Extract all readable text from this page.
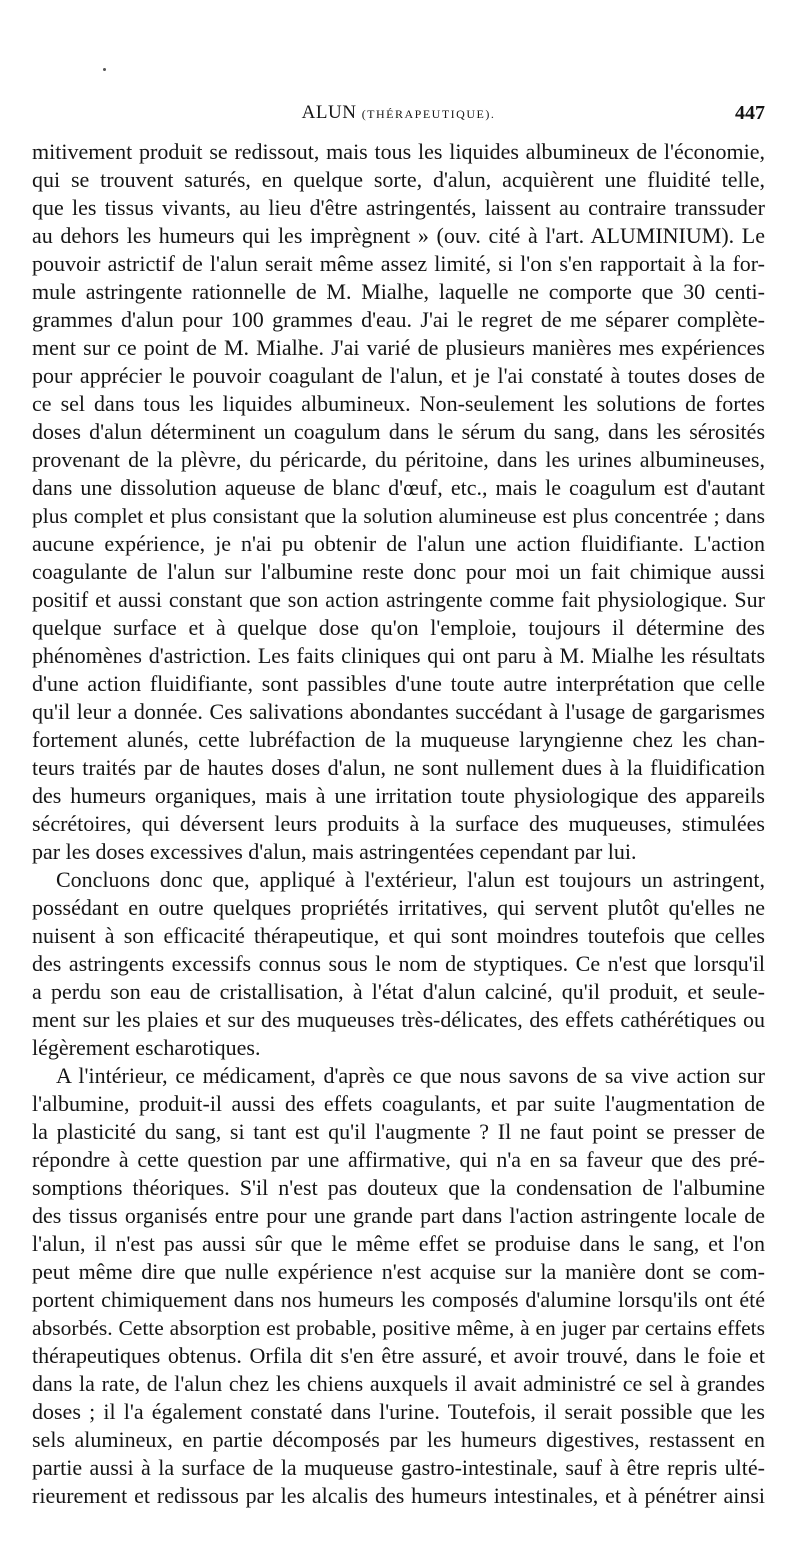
ALUN (THÉRAPEUTIQUE).	447
mitivement produit se redissout, mais tous les liquides albumineux de l'économie,
qui se trouvent saturés, en quelque sorte, d'alun, acquièrent une fluidité telle,
que les tissus vivants, au lieu d'être astringentés, laissent au contraire transsuder
au dehors les humeurs qui les imprègnent » (ouv. cité à l'art. ALUMINIUM). Le
pouvoir astrictif de l'alun serait même assez limité, si l'on s'en rapportait à la for-
mule astringente rationnelle de M. Mialhe, laquelle ne comporte que 30 centi-
grammes d'alun pour 100 grammes d'eau. J'ai le regret de me séparer complète-
ment sur ce point de M. Mialhe. J'ai varié de plusieurs manières mes expériences
pour apprécier le pouvoir coagulant de l'alun, et je l'ai constaté à toutes doses de
ce sel dans tous les liquides albumineux. Non-seulement les solutions de fortes
doses d'alun déterminent un coagulum dans le sérum du sang, dans les sérosités
provenant de la plèvre, du péricarde, du péritoine, dans les urines albumineuses,
dans une dissolution aqueuse de blanc d'œuf, etc., mais le coagulum est d'autant
plus complet et plus consistant que la solution alumineuse est plus concentrée ; dans
aucune expérience, je n'ai pu obtenir de l'alun une action fluidifiante. L'action
coagulante de l'alun sur l'albumine reste donc pour moi un fait chimique aussi
positif et aussi constant que son action astringente comme fait physiologique. Sur
quelque surface et à quelque dose qu'on l'emploie, toujours il détermine des
phénomènes d'astriction. Les faits cliniques qui ont paru à M. Mialhe les résultats
d'une action fluidifiante, sont passibles d'une toute autre interprétation que celle
qu'il leur a donnée. Ces salivations abondantes succédant à l'usage de gargarismes
fortement alunés, cette lubréfaction de la muqueuse laryngienne chez les chan-
teurs traités par de hautes doses d'alun, ne sont nullement dues à la fluidification
des humeurs organiques, mais à une irritation toute physiologique des appareils
sécrétoires, qui déversent leurs produits à la surface des muqueuses, stimulées
par les doses excessives d'alun, mais astringentées cependant par lui.
Concluons donc que, appliqué à l'extérieur, l'alun est toujours un astringent,
possédant en outre quelques propriétés irritatives, qui servent plutôt qu'elles ne
nuisent à son efficacité thérapeutique, et qui sont moindres toutefois que celles
des astringents excessifs connus sous le nom de styptiques. Ce n'est que lorsqu'il
a perdu son eau de cristallisation, à l'état d'alun calciné, qu'il produit, et seule-
ment sur les plaies et sur des muqueuses très-délicates, des effets cathérétiques ou
légèrement escharotiques.
A l'intérieur, ce médicament, d'après ce que nous savons de sa vive action sur
l'albumine, produit-il aussi des effets coagulants, et par suite l'augmentation de
la plasticité du sang, si tant est qu'il l'augmente ? Il ne faut point se presser de
répondre à cette question par une affirmative, qui n'a en sa faveur que des pré-
somptions théoriques. S'il n'est pas douteux que la condensation de l'albumine
des tissus organisés entre pour une grande part dans l'action astringente locale de
l'alun, il n'est pas aussi sûr que le même effet se produise dans le sang, et l'on
peut même dire que nulle expérience n'est acquise sur la manière dont se com-
portent chimiquement dans nos humeurs les composés d'alumine lorsqu'ils ont été
absorbés. Cette absorption est probable, positive même, à en juger par certains effets
thérapeutiques obtenus. Orfila dit s'en être assuré, et avoir trouvé, dans le foie et
dans la rate, de l'alun chez les chiens auxquels il avait administré ce sel à grandes
doses ; il l'a également constaté dans l'urine. Toutefois, il serait possible que les
sels alumineux, en partie décomposés par les humeurs digestives, restassent en
partie aussi à la surface de la muqueuse gastro-intestinale, sauf à être repris ulté-
rieurement et redissous par les alcalis des humeurs intestinales, et à pénétrer ainsi
